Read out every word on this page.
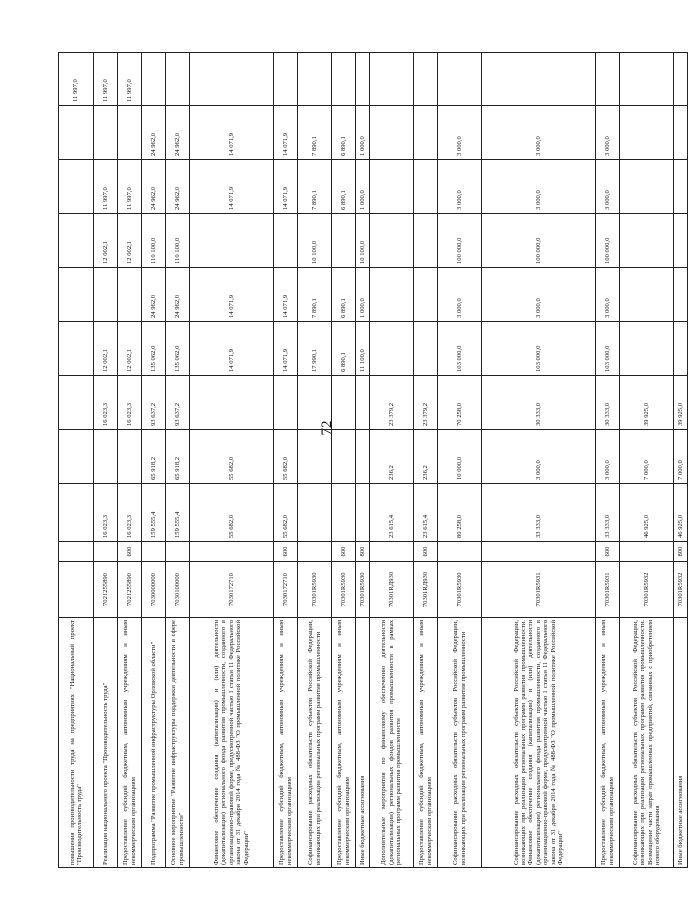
72
повышения производительности труда на предприятиях "Национальный проект "Производительность труда"											11 997,0
Реализация национального проекта "Производительность труда"	7021255890		16 023,3		16 023,3	12 002,1		12 002,1	11 997,0		11 997,0
Предоставление субсидий бюджетным, автономным учреждениям и иным некоммерческим организациям	7021255890	600	16 023,3		16 023,3	12 002,1		12 002,1	11 997,0		11 997,0
Подпрограмма "Развитие промышленной инфраструктуры Орловской области"	7030000000		159 555,4	65 918,2	93 637,2	135 062,0	24 962,0	110 100,0	24 962,0	24 962,0	
Основное мероприятие "Развитие инфраструктуры поддержки деятельности в сфере промышленности"	7030100000		159 555,4	65 918,2	93 637,2	135 062,0	24 962,0	110 100,0	24 962,0	24 962,0	
Финансовое обеспечение создания (капитализации) и (или) деятельности (докапитализации) регионального фонда развития промышленности, созданного в организационно-правовой форме, предусмотренной частью 1 статьи 11 Федерального закона от 31 декабря 2014 года № 488-ФЗ "О промышленной политике Российской Федерации"	7030172710		55 682,0	55 682,0		14 071,9	14 071,9		14 071,9	14 071,9	
Предоставление субсидий бюджетным, автономным учреждениям и иным некоммерческим организациям	7030172710	600	55 682,0	55 682,0		14 071,9	14 071,9		14 071,9	14 071,9	
Софинансирование расходных обязательств субъектов Российской Федерации, возникающих при реализации региональных программ развития промышленности	70301R5930					17 990,1	7 890,1	10 100,0	7 890,1	7 890,1	
Предоставление субсидий бюджетным, автономным учреждениям и иным некоммерческим организациям	70301R5930	600				6 890,1	6 890,1		6 890,1	6 890,1	
Иные бюджетные ассигнования	70301R5930	800				11 100,0	1 000,0	10 100,0	1 000,0	1 000,0	
Дополнительные мероприятия по финансовому обеспечению деятельности (докапитализации) региональных фондов развития промышленности в рамках региональных программ развития промышленности	70301RД930		23 615,4	236,2	23 379,2						
Предоставление субсидий бюджетным, автономным учреждениям и иным некоммерческим организациям	70301RД930	600	23 615,4	236,2	23 379,2						
Софинансирование расходных обязательств субъектов Российской Федерации, возникающих при реализации региональных программ развития промышленности	70301R5930		80 258,0	10 000,0	70 258,0	103 000,0	3 000,0	100 000,0	3 000,0	3 000,0	
Софинансирование расходных обязательств субъектов Российской Федерации, возникающих при реализации региональных программ развития промышленности. Финансовое обеспечение создания (капитализации) и (или) деятельности (докапитализации) регионального фонда развития промышленности, созданного в организационно-правовой форме, предусмотренной частью 1 статьи 11 Федерального закона от 31 декабря 2014 года № 488-ФЗ "О промышленной политике Российской Федерации"	70301R5931		33 333,0	3 000,0	30 333,0	103 000,0	3 000,0	100 000,0	3 000,0	3 000,0	
Предоставление субсидий бюджетным, автономным учреждениям и иным некоммерческим организациям	70301R5931	600	33 333,0	3 000,0	30 333,0	103 000,0	3 000,0	100 000,0	3 000,0	3 000,0	
Софинансирование расходных обязательств субъектов Российской Федерации, возникающих при реализации региональных программ развития промышленности. Возмещение части затрат промышленных предприятий, связанных с приобретением нового оборудования	70301R5932		46 925,0	7 000,0	39 925,0						
Иные бюджетные ассигнования	70301R5932	800	46 925,0	7 000,0	39 925,0						
